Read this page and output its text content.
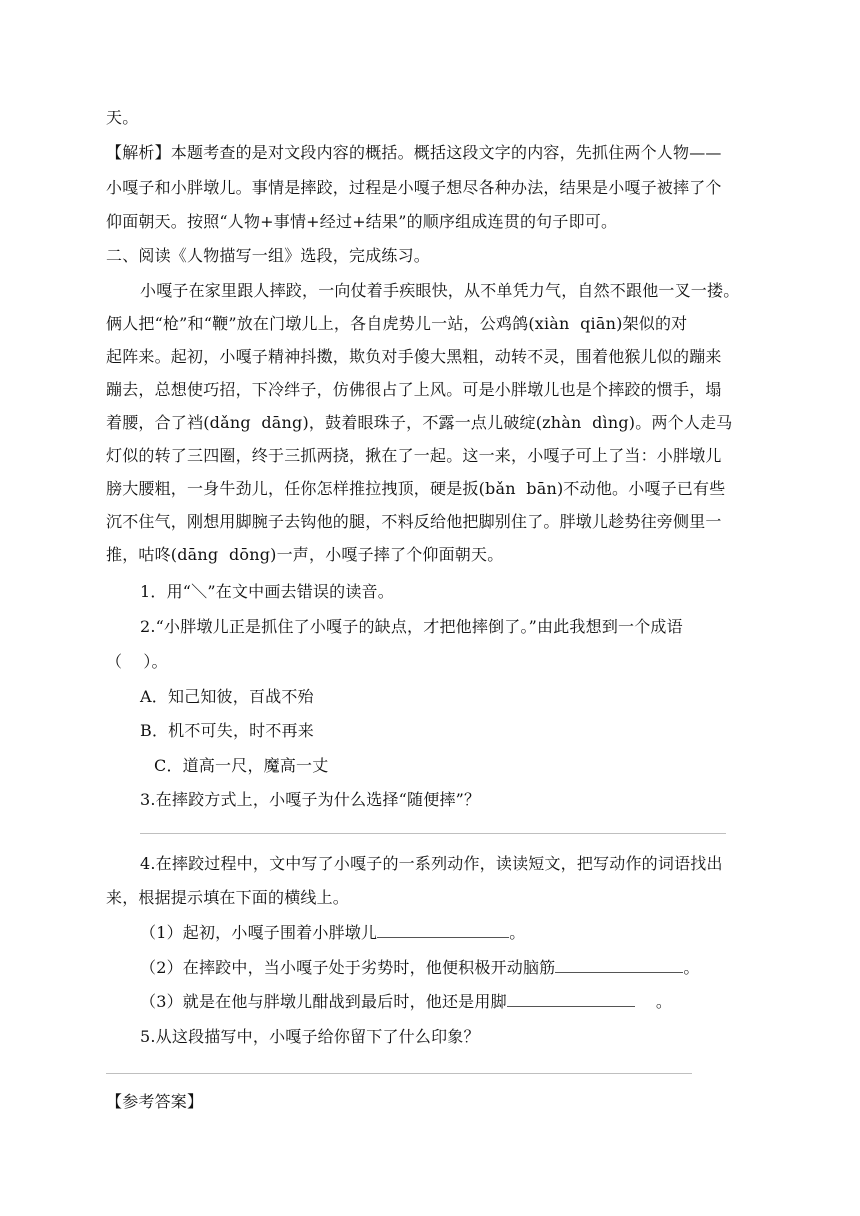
天。
【解析】本题考查的是对文段内容的概括。概括这段文字的内容，先抓住两个人物——
小嘎子和小胖墩儿。事情是摔跤，过程是小嘎子想尽各种办法，结果是小嘎子被摔了个
仰面朝天。按照“人物+事情+经过+结果”的顺序组成连贯的句子即可。
二、阅读《人物描写一组》选段，完成练习。
小嘎子在家里跟人摔跤，一向仗着手疾眼快，从不单凭力气，自然不跟他一叉一搂。
俩人把“枪”和“鞭”放在门墩儿上，各自虎势儿一站，公鸡鸽(xiàn  qiān)架似的对
起阵来。起初，小嘎子精神抖擞，欺负对手傻大黑粗，动转不灵，围着他猴儿似的蹦来
蹦去，总想使巧招，下冷绊子，仿佛很占了上风。可是小胖墩儿也是个摔跤的惯手，塌
着腰，合了裆(dǎng  dāng)，鼓着眼珠子，不露一点儿破绽(zhàn  dìng)。两个人走马
灯似的转了三四圈，终于三抓两挠，揪在了一起。这一来，小嘎子可上了当：小胖墩儿
膀大腰粗，一身牛劲儿，任你怎样推拉拽顶，硬是扳(bǎn  bān)不动他。小嘎子已有些
沉不住气，刚想用脚腕子去钩他的腿，不料反给他把脚别住了。胖墩儿趁势往旁侧里一
推，咕咚(dāng  dōng)一声，小嘎子摔了个仰面朝天。
1．用“＼”在文中画去错误的读音。
2.“小胖墩儿正是抓住了小嘎子的缺点，才把他摔倒了。”由此我想到一个成语
（    ）。
A．知己知彼，百战不殆
B．机不可失，时不再来
C．道高一尺，魔高一丈
3.在摔跤方式上，小嘎子为什么选择“随便摔”？
4.在摔跤过程中，文中写了小嘎子的一系列动作，读读短文，把写动作的词语找出
来，根据提示填在下面的横线上。
（1）起初，小嘎子围着小胖墩儿	。
（2）在摔跤中，当小嘎子处于劣势时，他便积极开动脑筋	。
（3）就是在他与胖墩儿酣战到最后时，他还是用脚	。
5.从这段描写中，小嘎子给你留下了什么印象？
【参考答案】
